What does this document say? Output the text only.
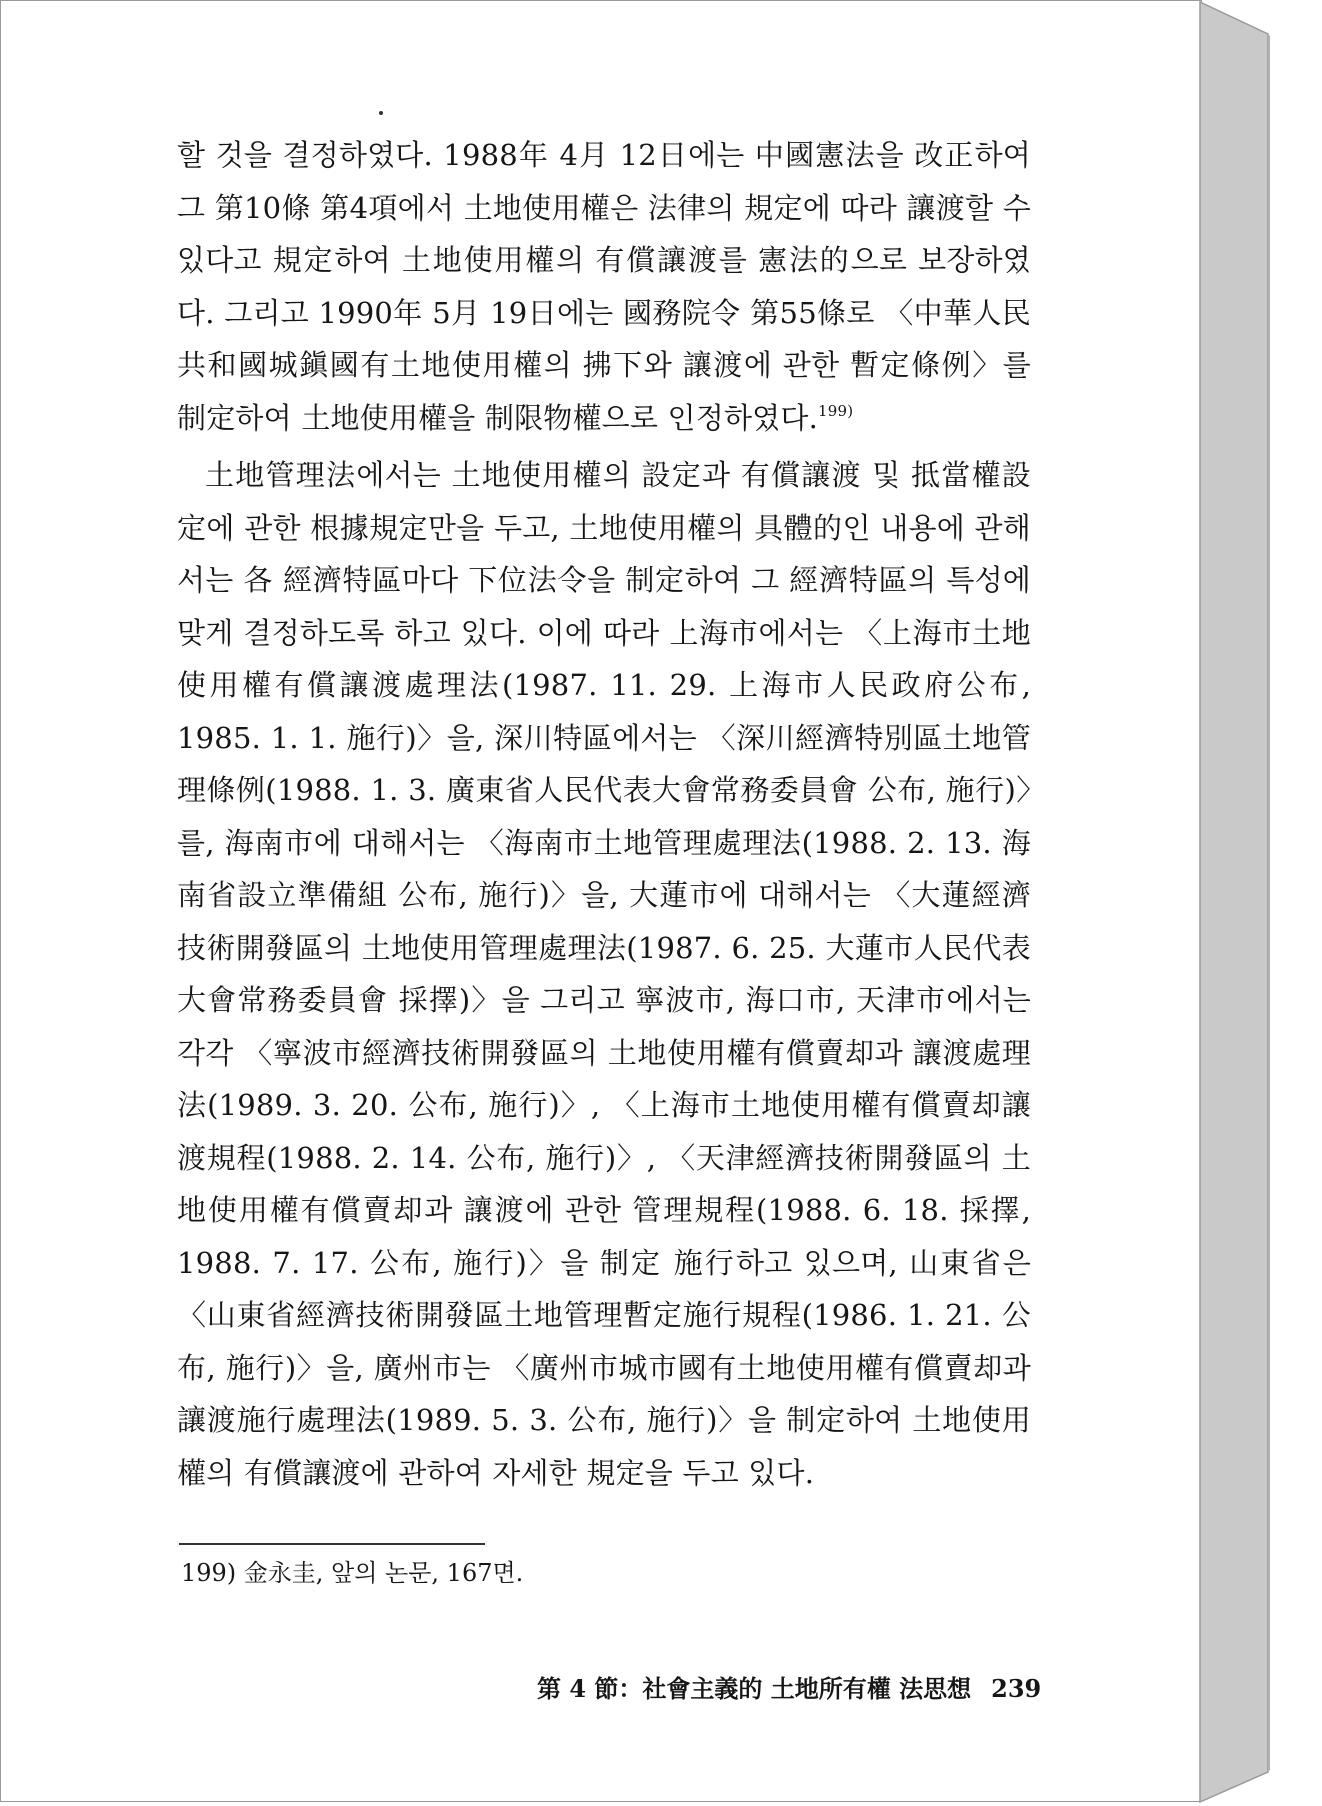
할 것을 결정하였다. 1988年 4月 12日에는 中國憲法을 改正하여 그 第10條 第4項에서 土地使用權은 法律의 規定에 따라 讓渡할 수 있다고 規定하여 土地使用權의 有償讓渡를 憲法的으로 보장하였다. 그리고 1990年 5月 19日에는 國務院令 第55條로 〈中華人民共和國城鎭國有土地使用權의 拂下와 讓渡에 관한 暫定條例〉를 制定하여 土地使用權을 制限物權으로 인정하였다.$^{199)}$

土地管理法에서는 土地使用權의 設定과 有償讓渡 및 抵當權設定에 관한 根據規定만을 두고, 土地使用權의 具體的인 내용에 관해서는 各 經濟特區마다 下位法令을 制定하여 그 經濟特區의 특성에 맞게 결정하도록 하고 있다. 이에 따라 上海市에서는 〈上海市土地使用權有償讓渡處理法(1987. 11. 29. 上海市人民政府公布, 1985. 1. 1. 施行)〉을, 深川特區에서는 〈深川經濟特別區土地管理條例(1988. 1. 3. 廣東省人民代表大會常務委員會 公布, 施行)〉를, 海南市에 대해서는 〈海南市土地管理處理法(1988. 2. 13. 海南省設立準備組 公布, 施行)〉을, 大蓮市에 대해서는 〈大蓮經濟技術開發區의 土地使用管理處理法(1987. 6. 25. 大蓮市人民代表大會常務委員會 採擇)〉을 그리고 寧波市, 海口市, 天津市에서는 각각 〈寧波市經濟技術開發區의 土地使用權有償賣却과 讓渡處理法(1989. 3. 20. 公布, 施行)〉, 〈上海市土地使用權有償賣却讓渡規程(1988. 2. 14. 公布, 施行)〉, 〈天津經濟技術開發區의 土地使用權有償賣却과 讓渡에 관한 管理規程(1988. 6. 18. 採擇, 1988. 7. 17. 公布, 施行)〉을 制定 施行하고 있으며, 山東省은 〈山東省經濟技術開發區土地管理暫定施行規程(1986. 1. 21. 公布, 施行)〉을, 廣州市는 〈廣州市城市國有土地使用權有償賣却과 讓渡施行處理法(1989. 5. 3. 公布, 施行)〉을 制定하여 土地使用權의 有償讓渡에 관하여 자세한 規定을 두고 있다.

199) 金永圭, 앞의 논문, 167면.
第 4 節：社會主義的 土地所有權 法思想 239
